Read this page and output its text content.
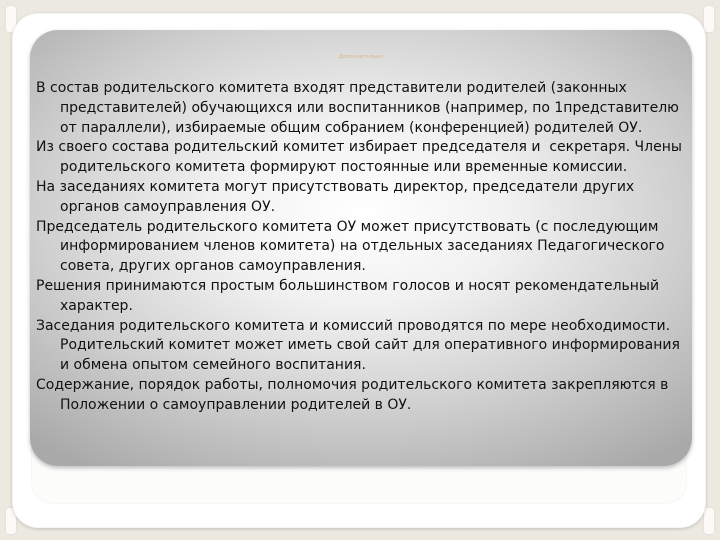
Дополнительно

В состав родительского комитета входят представители родителей (законных представителей) обучающихся или воспитанников (например, по 1представителю от параллели), избираемые общим собранием (конференцией) родителей ОУ.

Из своего состава родительский комитет избирает председателя и  секретаря. Члены родительского комитета формируют постоянные или временные комиссии.

На заседаниях комитета могут присутствовать директор, председатели других органов самоуправления ОУ.

Председатель родительского комитета ОУ может присутствовать (с последующим информированием членов комитета) на отдельных заседаниях Педагогического совета, других органов самоуправления.

Решения принимаются простым большинством голосов и носят рекомендательный характер.

Заседания родительского комитета и комиссий проводятся по мере необходимости. Родительский комитет может иметь свой сайт для оперативного информирования и обмена опытом семейного воспитания.

Содержание, порядок работы, полномочия родительского комитета закрепляются в  Положении о самоуправлении родителей в ОУ.
